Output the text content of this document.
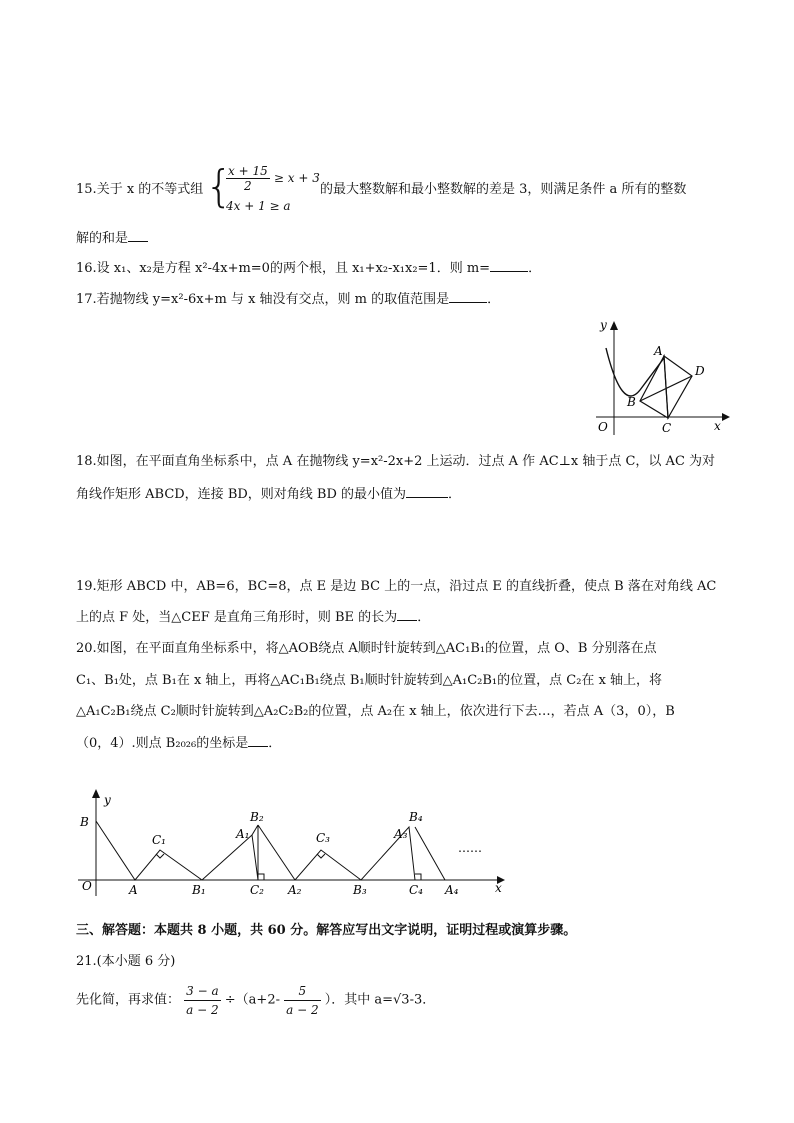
15.关于 x 的不等式组 {
$\frac{x + 15}{2} \ge x + 3$
4x + 1 ≥ a
的最大整数解和最小整数解的差是 3，则满足条件 a 所有的整数
解的和是
16.设 x₁、x₂是方程 x²-4x+m=0的两个根，且 x₁+x₂-x₁x₂=1．则 m=	．
17.若抛物线 y=x²-6x+m 与 x 轴没有交点，则 m 的取值范围是	．
y
x
O
A
B
C
D
18.如图，在平面直角坐标系中，点 A 在抛物线 y=x²-2x+2 上运动．过点 A 作 AC⊥x 轴于点 C，以 AC 为对
角线作矩形 ABCD，连接 BD，则对角线 BD 的最小值为	．
19.矩形 ABCD 中，AB=6，BC=8，点 E 是边 BC 上的一点，沿过点 E 的直线折叠，使点 B 落在对角线 AC
上的点 F 处，当△CEF 是直角三角形时，则 BE 的长为 ．
20.如图，在平面直角坐标系中，将△AOB绕点 A顺时针旋转到△AC₁B₁的位置，点 O、B 分别落在点
C₁、B₁处，点 B₁在 x 轴上，再将△AC₁B₁绕点 B₁顺时针旋转到△A₁C₂B₁的位置，点 C₂在 x 轴上，将
△A₁C₂B₁绕点 C₂顺时针旋转到△A₂C₂B₂的位置，点 A₂在 x 轴上，依次进行下去…，若点 A（3，0），B
（0，4）.则点 B₂₀₂₆的坐标是 ．
y
x
O
B
A
C₁
B₁
A₁
B₂
C₂ A₂
C₃
B₃
A₃
B₄
C₄ A₄
……
三、解答题：本题共 8 小题，共 60 分。解答应写出文字说明，证明过程或演算步骤。
21.(本小题 6 分)
先化简，再求值： $\frac{3 - a}{a - 2} \div(a+2- \frac{5}{a - 2}$ ）．其中 a=√3-3．
